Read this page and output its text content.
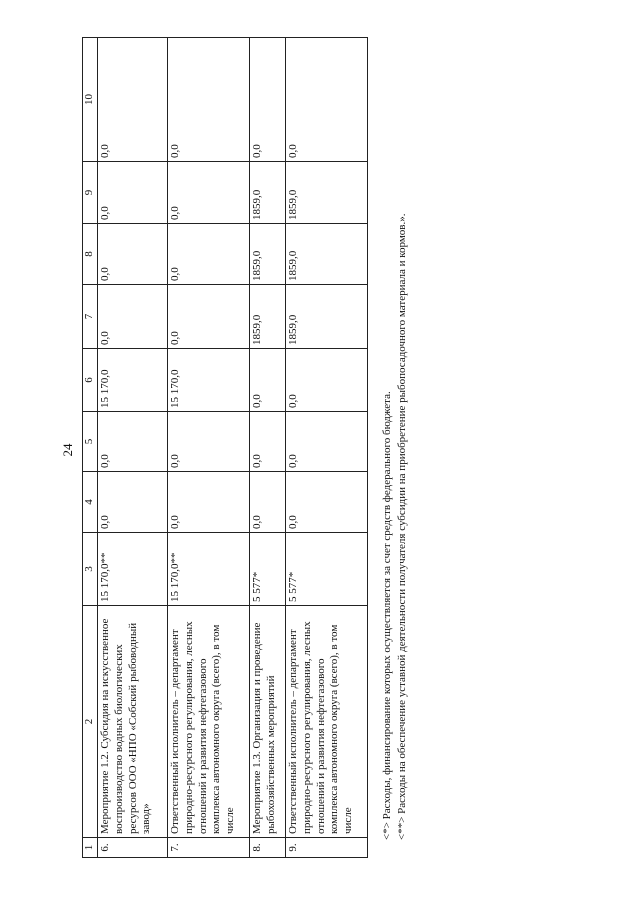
24
1	2	3	4	5	6	7	8	9	10
6.	Мероприятие 1.2. Субсидия на искусственное воспроизводство водных биологических ресурсов ООО «НПО «Собский рыбоводный завод»	15 170,0**	0,0	0,0	15 170,0	0,0	0,0	0,0	0,0
7.	Ответственный исполнитель – департамент природно-ресурсного регулирования, лесных отношений и развития нефтегазового комплекса автономного округа (всего), в том числе	15 170,0**	0,0	0,0	15 170,0	0,0	0,0	0,0	0,0
8.	Мероприятие 1.3. Организация и проведение рыбохозяйственных мероприятий	5 577*	0,0	0,0	0,0	1859,0	1859,0	1859,0	0,0
9.	Ответственный исполнитель – департамент природно-ресурсного регулирования, лесных отношений и развития нефтегазового комплекса автономного округа (всего), в том числе	5 577*	0,0	0,0	0,0	1859,0	1859,0	1859,0	0,0
<*> Расходы, финансирование которых осуществляется за счет средств федерального бюджета. <**> Расходы на обеспечение уставной деятельности получателя субсидии на приобретение рыбопосадочного материала и кормов.».
